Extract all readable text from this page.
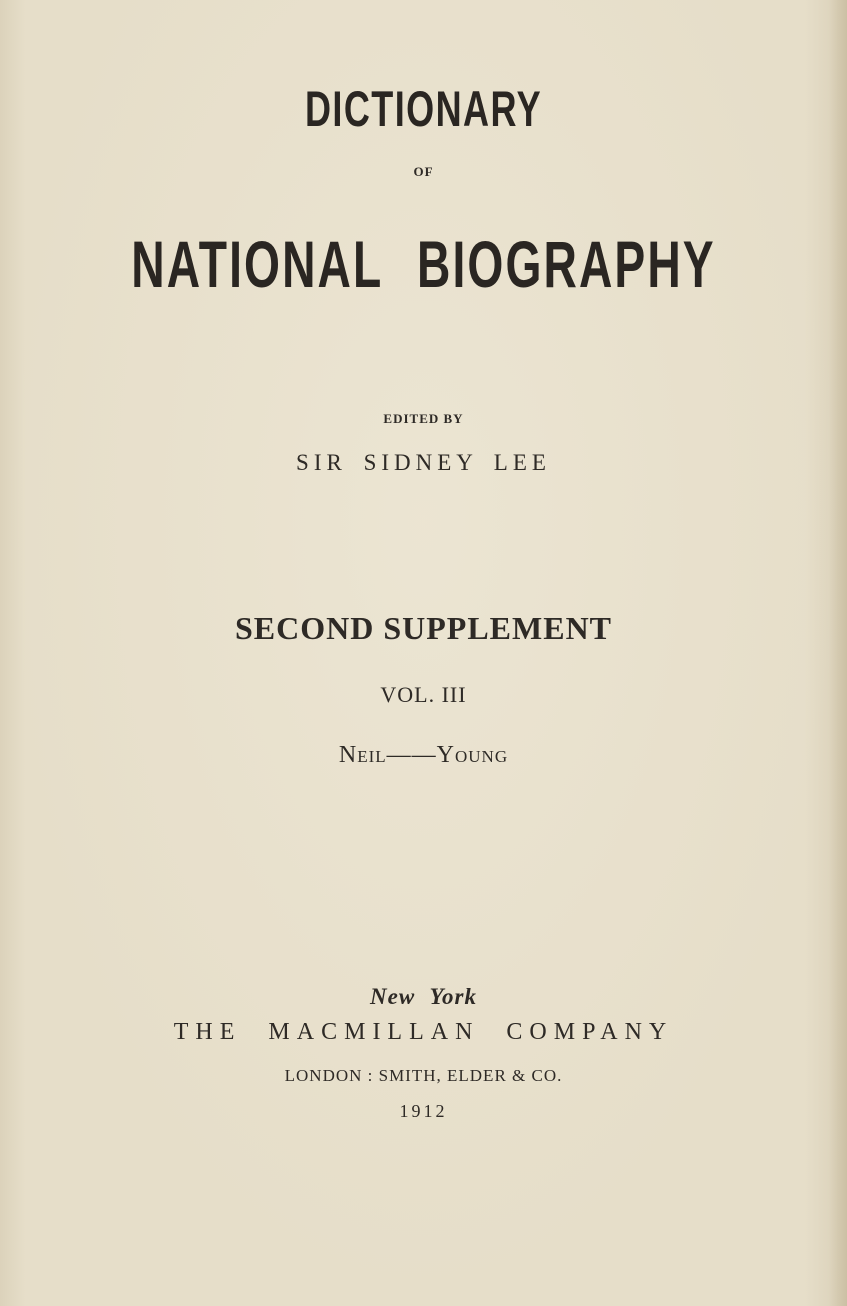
DICTIONARY

OF

NATIONAL BIOGRAPHY

EDITED BY

SIR SIDNEY LEE

SECOND SUPPLEMENT

VOL. III

Neil——Young

New York

THE MACMILLAN COMPANY

LONDON : SMITH, ELDER & CO.

1912
